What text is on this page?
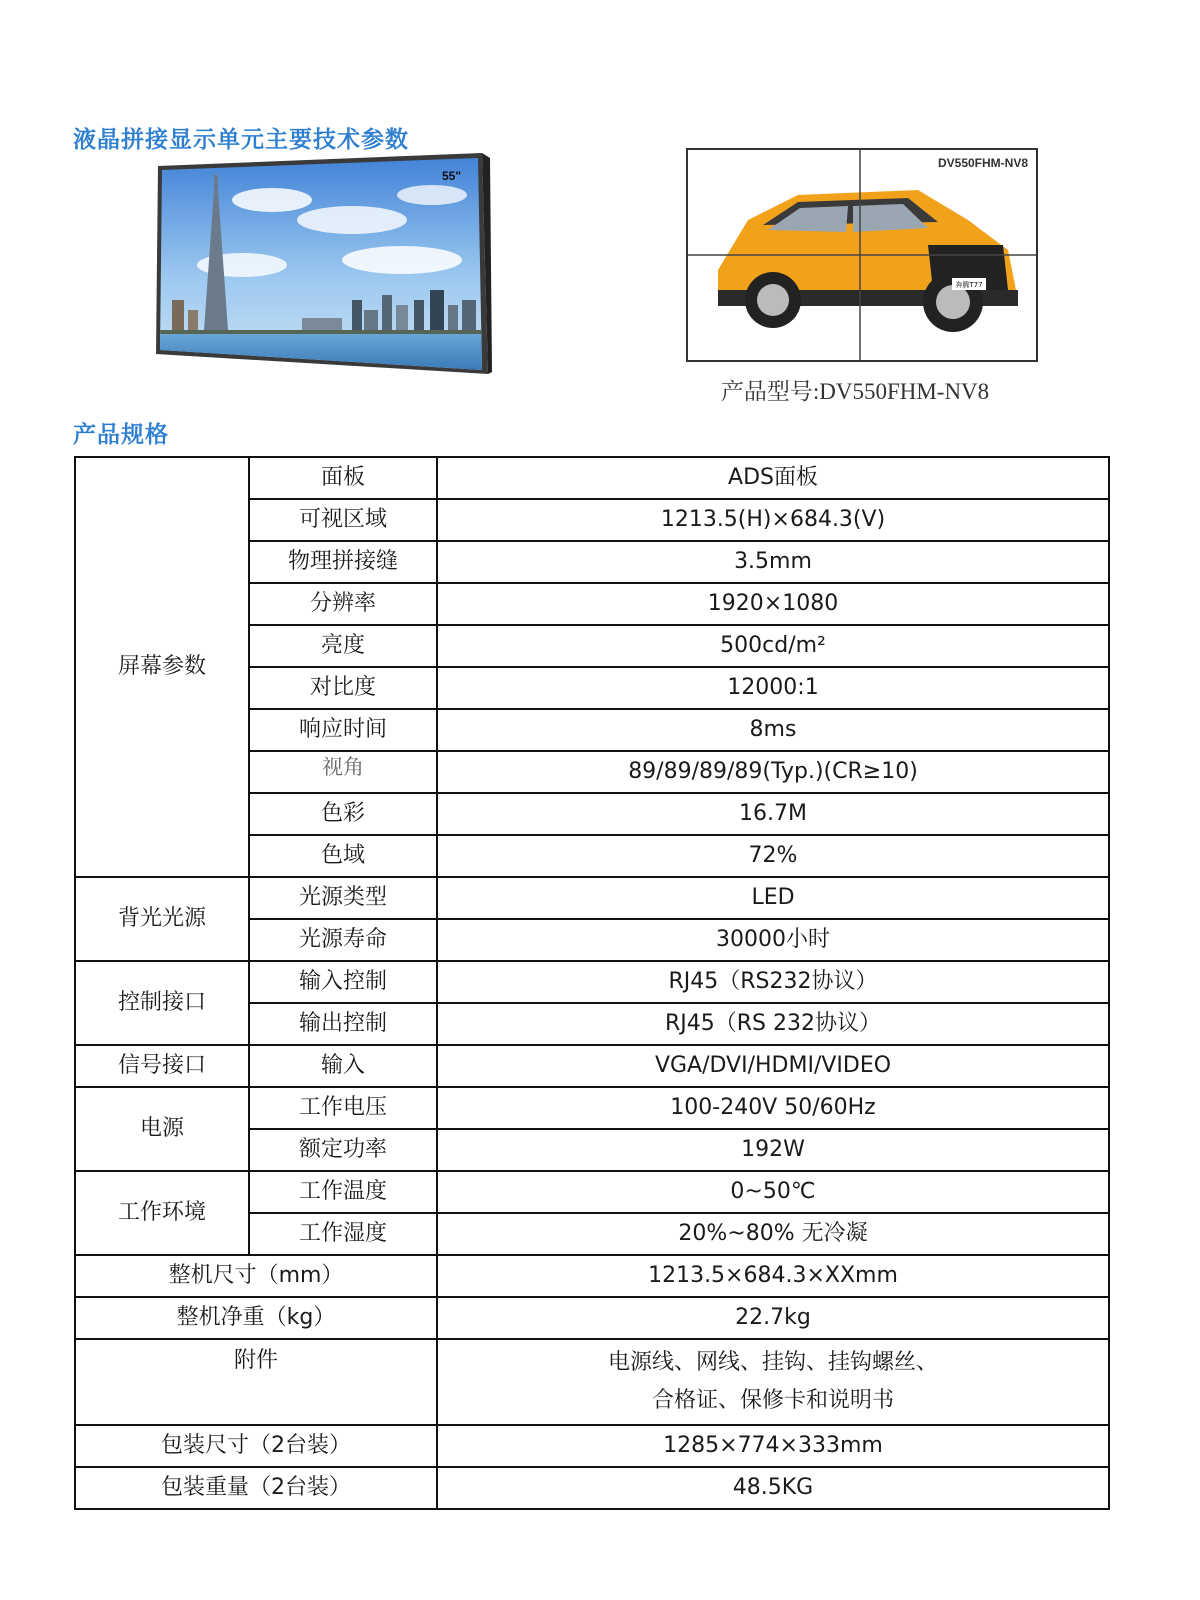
液晶拼接显示单元主要技术参数
55"
奔腾T77
DV550FHM-NV8
产品型号:DV550FHM-NV8
产品规格
屏幕参数	面板	ADS面板
	可视区域	1213.5(H)×684.3(V)
	物理拼接缝	3.5mm
	分辨率	1920×1080
	亮度	500cd/m²
	对比度	12000:1
	响应时间	8ms
	视角	89/89/89/89(Typ.)(CR≥10)
	色彩	16.7M
	色域	72%
背光光源	光源类型	LED
	光源寿命	30000小时
控制接口	输入控制	RJ45（RS232协议）
	输出控制	RJ45（RS 232协议）
信号接口	输入	VGA/DVI/HDMI/VIDEO
电源	工作电压	100-240V 50/60Hz
	额定功率	192W
工作环境	工作温度	0~50℃
	工作湿度	20%~80% 无冷凝
整机尺寸（mm）		1213.5×684.3×XXmm
整机净重（kg）		22.7kg
附件		电源线、网线、挂钩、挂钩螺丝、
合格证、保修卡和说明书

包装尺寸（2台装）		1285×774×333mm
包装重量（2台装）		48.5KG
